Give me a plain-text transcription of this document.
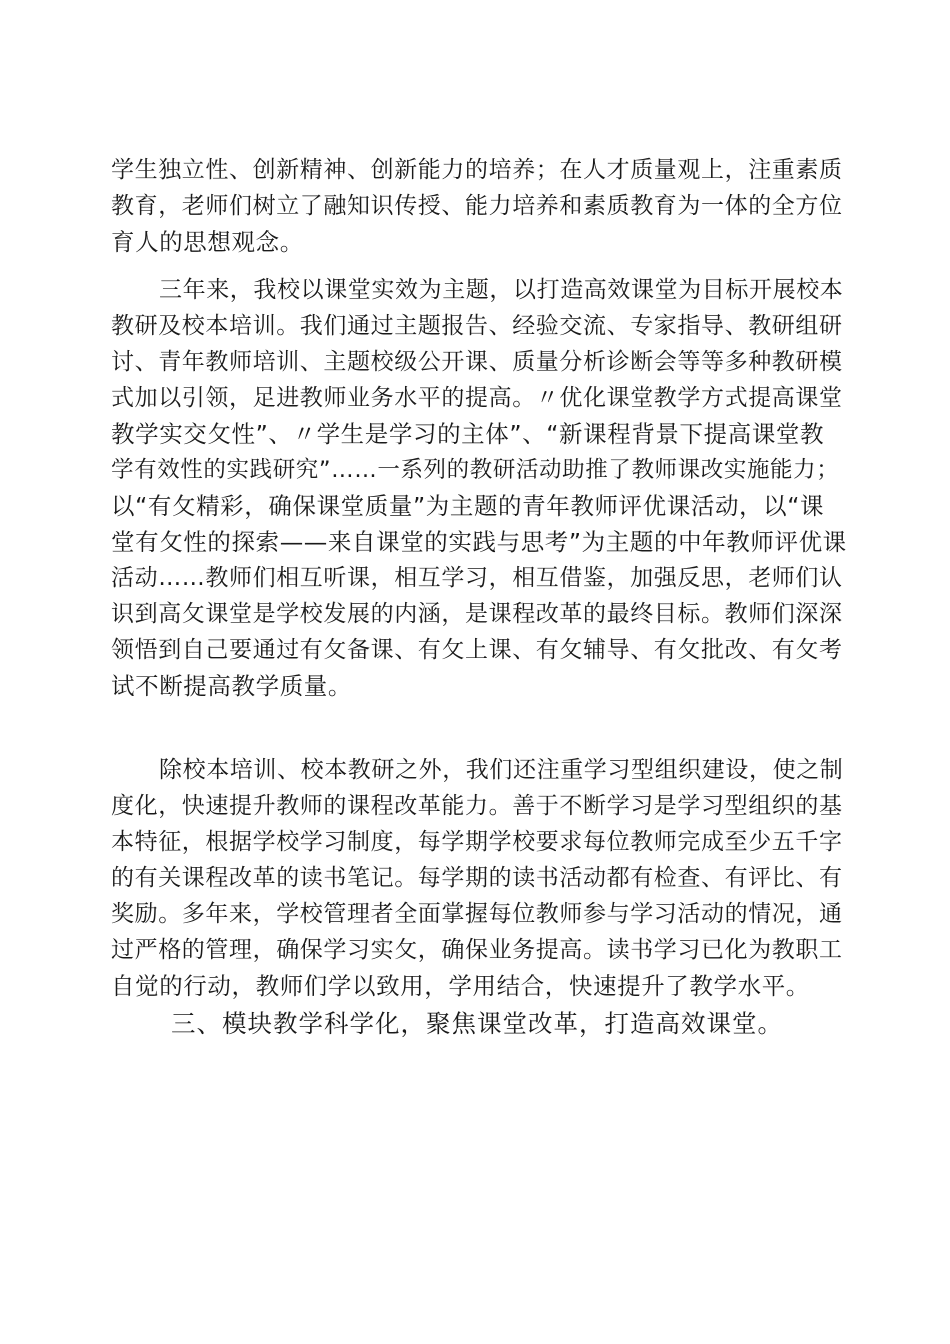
学生独立性、创新精神、创新能力的培养；在人才质量观上，注重素质
教育，老师们树立了融知识传授、能力培养和素质教育为一体的全方位
育人的思想观念。
三年来，我校以课堂实效为主题，以打造高效课堂为目标开展校本
教研及校本培训。我们通过主题报告、经验交流、专家指导、教研组研
讨、青年教师培训、主题校级公开课、质量分析诊断会等等多种教研模
式加以引领，足进教师业务水平的提高。〃优化课堂教学方式提高课堂
教学实交攵性”、〃学生是学习的主体”、“新课程背景下提高课堂教
学有效性的实践研究”……一系列的教研活动助推了教师课改实施能力；
以“有攵精彩，确保课堂质量”为主题的青年教师评优课活动，以“课
堂有攵性的探索——来自课堂的实践与思考”为主题的中年教师评优课
活动……教师们相互听课，相互学习，相互借鉴，加强反思，老师们认
识到高攵课堂是学校发展的内涵，是课程改革的最终目标。教师们深深
领悟到自己要通过有攵备课、有攵上课、有攵辅导、有攵批改、有攵考
试不断提高教学质量。
除校本培训、校本教研之外，我们还注重学习型组织建设，使之制
度化，快速提升教师的课程改革能力。善于不断学习是学习型组织的基
本特征，根据学校学习制度，每学期学校要求每位教师完成至少五千字
的有关课程改革的读书笔记。每学期的读书活动都有检查、有评比、有
奖励。多年来，学校管理者全面掌握每位教师参与学习活动的情况，通
过严格的管理，确保学习实攵，确保业务提高。读书学习已化为教职工
自觉的行动，教师们学以致用，学用结合，快速提升了教学水平。
三、模块教学科学化，聚焦课堂改革，打造高效课堂。
